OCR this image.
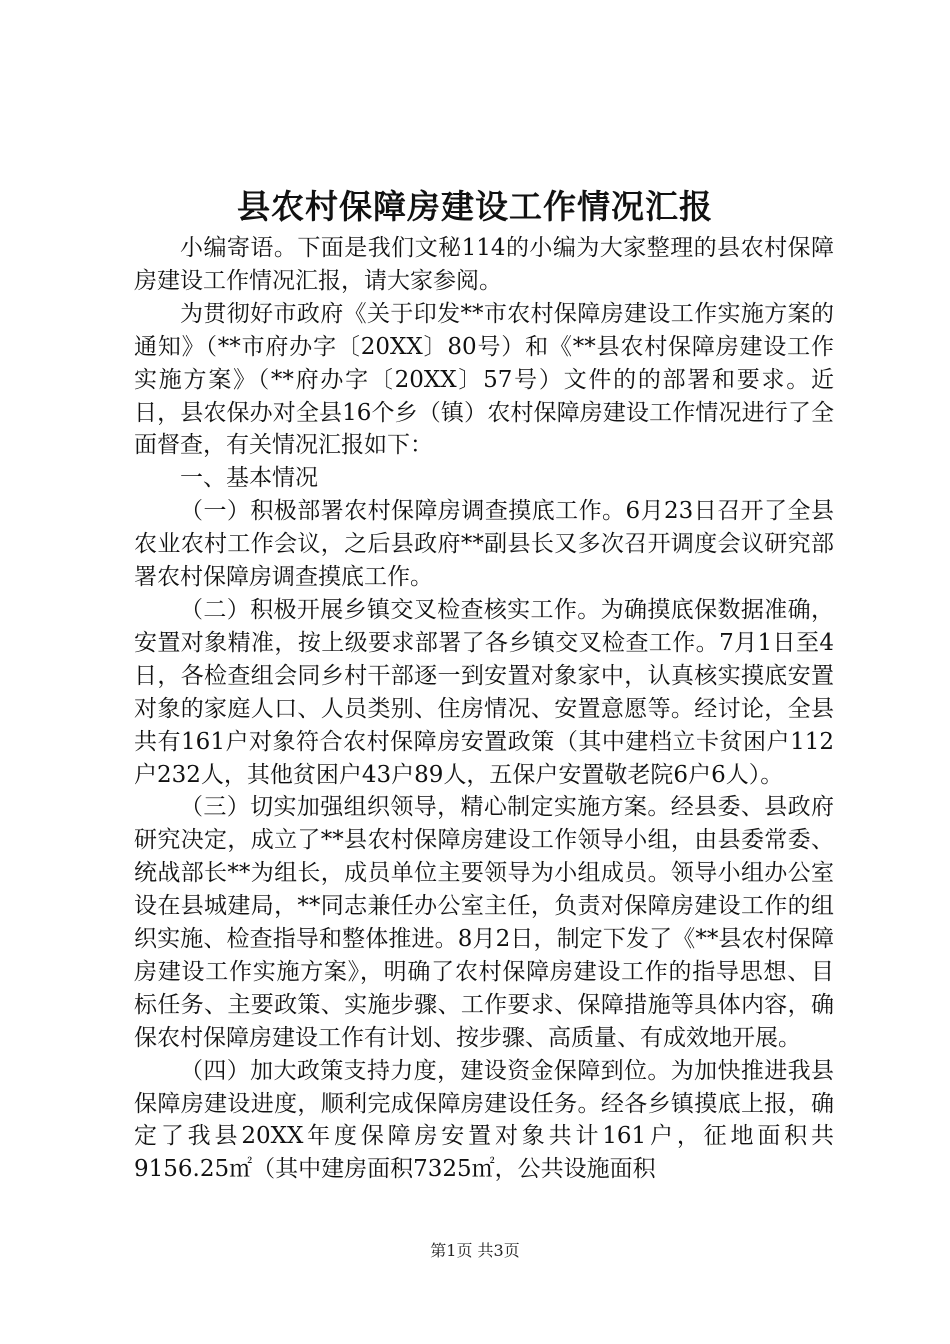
县农村保障房建设工作情况汇报

小编寄语。下面是我们文秘114的小编为大家整理的县农村保障房建设工作情况汇报，请大家参阅。

为贯彻好市政府《关于印发**市农村保障房建设工作实施方案的通知》（**市府办字〔20XX〕80号）和《**县农村保障房建设工作实施方案》（**府办字〔20XX〕57号）文件的的部署和要求。近日，县农保办对全县16个乡（镇）农村保障房建设工作情况进行了全面督查，有关情况汇报如下：

一、基本情况

（一）积极部署农村保障房调查摸底工作。6月23日召开了全县农业农村工作会议，之后县政府**副县长又多次召开调度会议研究部署农村保障房调查摸底工作。

（二）积极开展乡镇交叉检查核实工作。为确摸底保数据准确，安置对象精准，按上级要求部署了各乡镇交叉检查工作。7月1日至4日，各检查组会同乡村干部逐一到安置对象家中，认真核实摸底安置对象的家庭人口、人员类别、住房情况、安置意愿等。经讨论，全县共有161户对象符合农村保障房安置政策（其中建档立卡贫困户112户232人，其他贫困户43户89人，五保户安置敬老院6户6人）。

（三）切实加强组织领导，精心制定实施方案。经县委、县政府研究决定，成立了**县农村保障房建设工作领导小组，由县委常委、统战部长**为组长，成员单位主要领导为小组成员。领导小组办公室设在县城建局，**同志兼任办公室主任，负责对保障房建设工作的组织实施、检查指导和整体推进。8月2日，制定下发了《**县农村保障房建设工作实施方案》，明确了农村保障房建设工作的指导思想、目标任务、主要政策、实施步骤、工作要求、保障措施等具体内容，确保农村保障房建设工作有计划、按步骤、高质量、有成效地开展。

（四）加大政策支持力度，建设资金保障到位。为加快推进我县保障房建设进度，顺利完成保障房建设任务。经各乡镇摸底上报，确定了我县20XX年度保障房安置对象共计161户，征地面积共9156.25㎡（其中建房面积7325㎡，公共设施面积

第1页 共3页
